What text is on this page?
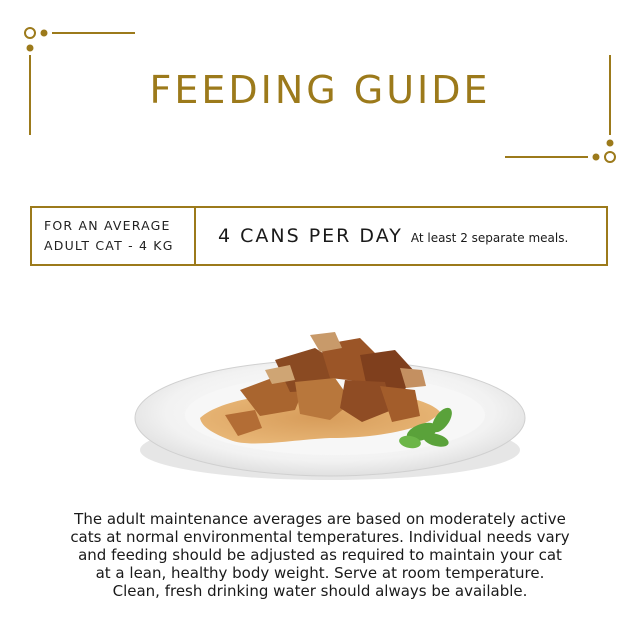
FEEDING GUIDE
FOR AN AVERAGE
ADULT CAT - 4 KG	4 CANS PER DAY At least 2 separate meals.

The adult maintenance averages are based on moderately active cats at normal environmental temperatures. Individual needs vary and feeding should be adjusted as required to maintain your cat at a lean, healthy body weight. Serve at room temperature. Clean, fresh drinking water should always be available.
